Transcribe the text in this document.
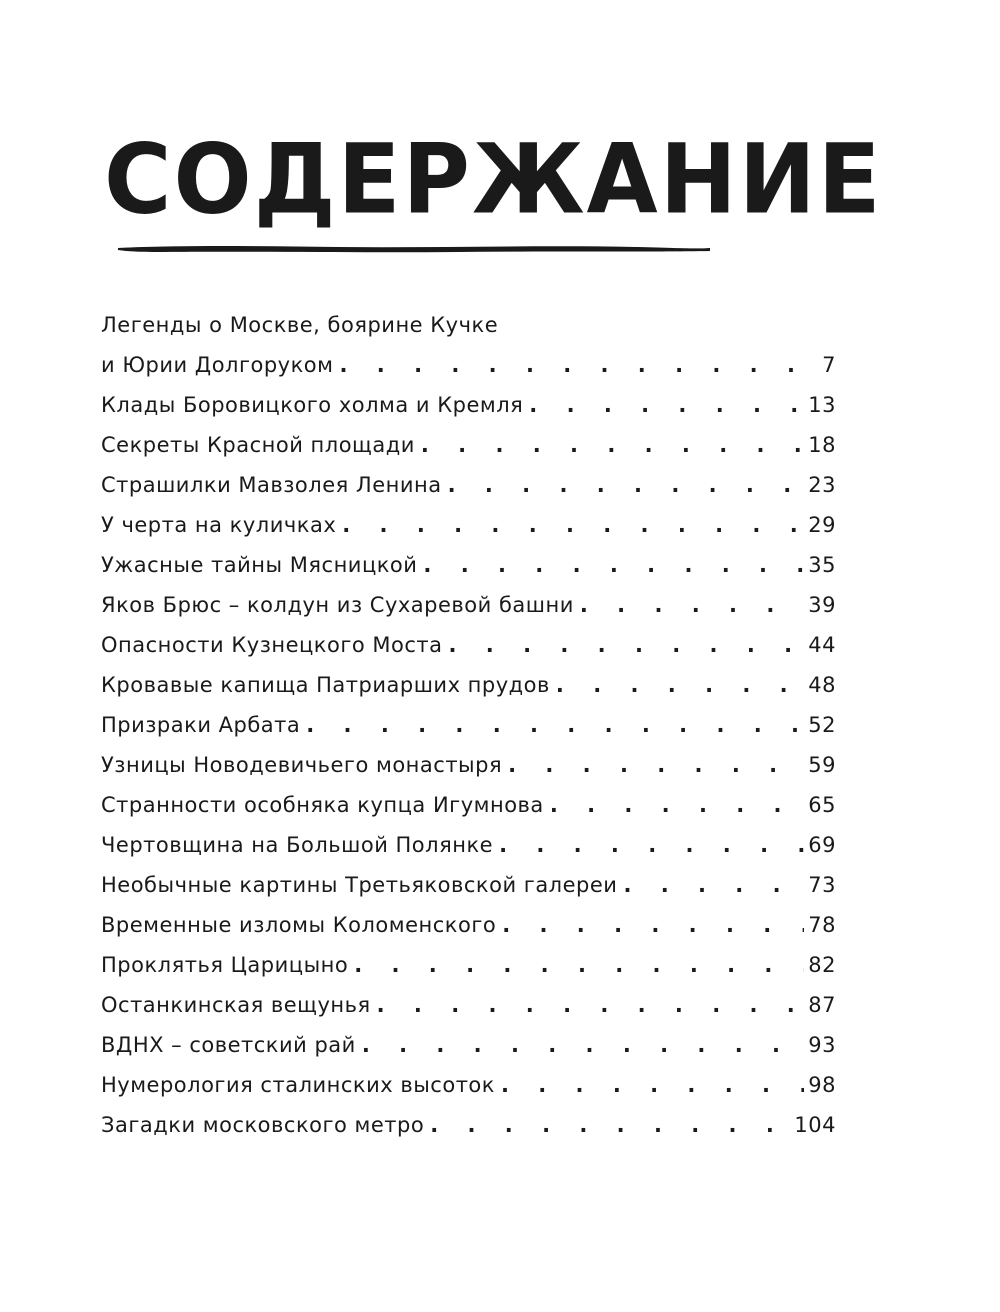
СОДЕРЖАНИЕ
Легенды о Москве, боярине Кучке
и Юрии Долгоруком . . .	7
Клады Боровицкого холма и Кремля . . .	13
Секреты Красной площади . . .	18
Страшилки Мавзолея Ленина . . .	23
У черта на куличках . . .	29
Ужасные тайны Мясницкой . . .	35
Яков Брюс – колдун из Сухаревой башни . . .	39
Опасности Кузнецкого Моста . . .	44
Кровавые капища Патриарших прудов . . .	48
Призраки Арбата . . .	52
Узницы Новодевичьего монастыря . . .	59
Странности особняка купца Игумнова . . .	65
Чертовщина на Большой Полянке . . .	69
Необычные картины Третьяковской галереи . . .	73
Временные изломы Коломенского . . .	78
Проклятья Царицыно . . .	82
Останкинская вещунья . . .	87
ВДНХ – советский рай . . .	93
Нумерология сталинских высоток . . .	98
Загадки московского метро . . .	104
